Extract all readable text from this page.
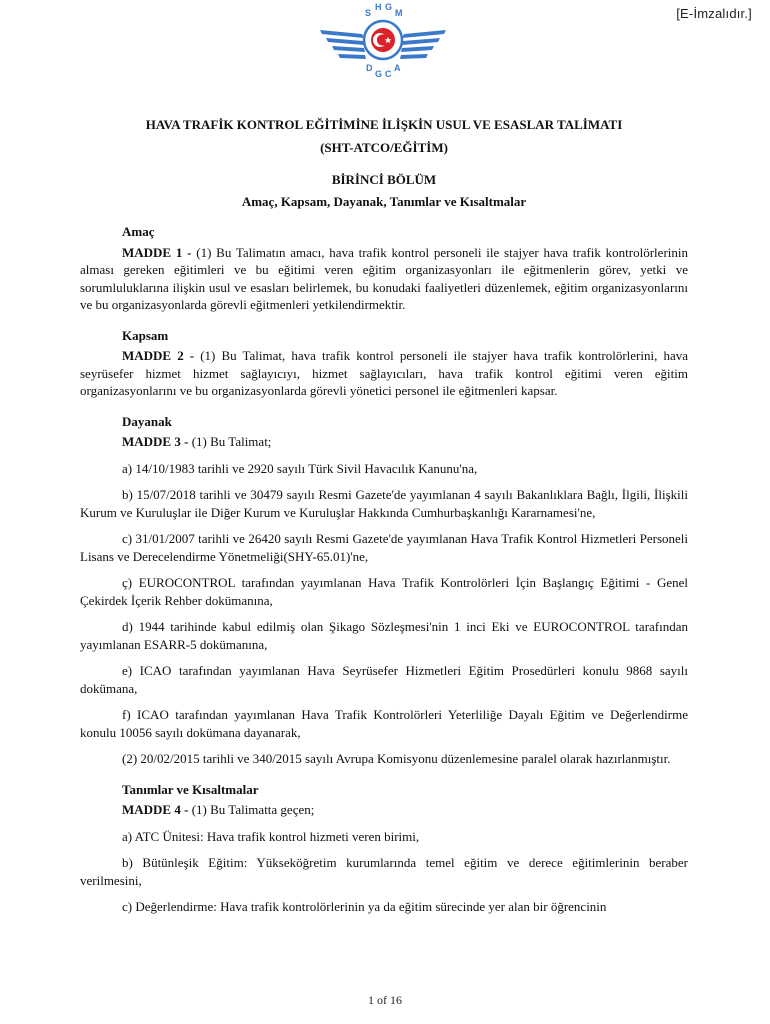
[E-İmzalıdır.]
S
H G
M
D
G C
A

HAVA TRAFİK KONTROL EĞİTİMİNE İLİŞKİN USUL VE ESASLAR TALİMATI

(SHT-ATCO/EĞİTİM)

BİRİNCİ BÖLÜM
Amaç, Kapsam, Dayanak, Tanımlar ve Kısaltmalar
Amaç

MADDE 1 - (1) Bu Talimatın amacı, hava trafik kontrol personeli ile stajyer hava trafik kontrolörlerinin alması gereken eğitimleri ve bu eğitimi veren eğitim organizasyonları ile eğitmenlerin görev, yetki ve sorumluluklarına ilişkin usul ve esasları belirlemek, bu konudaki faaliyetleri düzenlemek, eğitim organizasyonlarını ve bu organizasyonlarda görevli eğitmenleri yetkilendirmektir.

Kapsam

MADDE 2 - (1) Bu Talimat, hava trafik kontrol personeli ile stajyer hava trafik kontrolörlerini, hava seyrüsefer hizmet hizmet sağlayıcıyı, hizmet sağlayıcıları, hava trafik kontrol eğitimi veren eğitim organizasyonlarını ve bu organizasyonlarda görevli yönetici personel ile eğitmenleri kapsar.

Dayanak

MADDE 3 - (1) Bu Talimat;

a) 14/10/1983 tarihli ve 2920 sayılı Türk Sivil Havacılık Kanunu'na,

b) 15/07/2018 tarihli ve 30479 sayılı Resmi Gazete'de yayımlanan 4 sayılı Bakanlıklara Bağlı, İlgili, İlişkili Kurum ve Kuruluşlar ile Diğer Kurum ve Kuruluşlar Hakkında Cumhurbaşkanlığı Kararnamesi'ne,

c) 31/01/2007 tarihli ve 26420 sayılı Resmi Gazete'de yayımlanan Hava Trafik Kontrol Hizmetleri Personeli Lisans ve Derecelendirme Yönetmeliği(SHY-65.01)'ne,

ç) EUROCONTROL tarafından yayımlanan Hava Trafik Kontrolörleri İçin Başlangıç Eğitimi - Genel Çekirdek İçerik Rehber dokümanına,

d) 1944 tarihinde kabul edilmiş olan Şikago Sözleşmesi'nin 1 inci Eki ve EUROCONTROL tarafından yayımlanan ESARR-5 dokümanına,

e) ICAO tarafından yayımlanan Hava Seyrüsefer Hizmetleri Eğitim Prosedürleri konulu 9868 sayılı dokümana,

f) ICAO tarafından yayımlanan Hava Trafik Kontrolörleri Yeterliliğe Dayalı Eğitim ve Değerlendirme konulu 10056 sayılı dokümana dayanarak,

(2) 20/02/2015 tarihli ve 340/2015 sayılı Avrupa Komisyonu düzenlemesine paralel olarak hazırlanmıştır.

Tanımlar ve Kısaltmalar

MADDE 4 - (1) Bu Talimatta geçen;

a) ATC Ünitesi: Hava trafik kontrol hizmeti veren birimi,

b) Bütünleşik Eğitim: Yükseköğretim kurumlarında temel eğitim ve derece eğitimlerinin beraber verilmesini,

c) Değerlendirme: Hava trafik kontrolörlerinin ya da eğitim sürecinde yer alan bir öğrencinin

1 of 16
